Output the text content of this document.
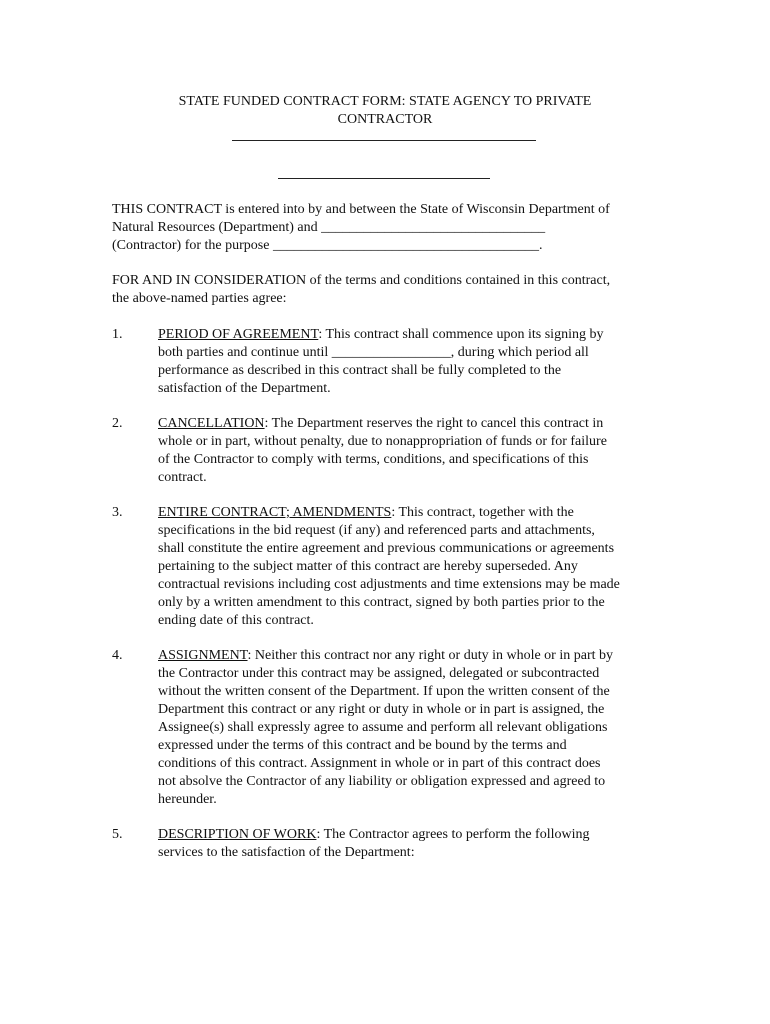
STATE FUNDED CONTRACT FORM: STATE AGENCY TO PRIVATE
CONTRACTOR

THIS CONTRACT is entered into by and between the State of Wisconsin Department of
Natural Resources (Department) and ________________________________
(Contractor) for the purpose ______________________________________.

FOR AND IN CONSIDERATION of the terms and conditions contained in this contract,
the above-named parties agree:

1.	PERIOD OF AGREEMENT: This contract shall commence upon its signing by
both parties and continue until _________________, during which period all
performance as described in this contract shall be fully completed to the
satisfaction of the Department.
2.	CANCELLATION: The Department reserves the right to cancel this contract in
whole or in part, without penalty, due to nonappropriation of funds or for failure
of the Contractor to comply with terms, conditions, and specifications of this
contract.
3.	ENTIRE CONTRACT; AMENDMENTS: This contract, together with the
specifications in the bid request (if any) and referenced parts and attachments,
shall constitute the entire agreement and previous communications or agreements
pertaining to the subject matter of this contract are hereby superseded. Any
contractual revisions including cost adjustments and time extensions may be made
only by a written amendment to this contract, signed by both parties prior to the
ending date of this contract.
4.	ASSIGNMENT: Neither this contract nor any right or duty in whole or in part by
the Contractor under this contract may be assigned, delegated or subcontracted
without the written consent of the Department. If upon the written consent of the
Department this contract or any right or duty in whole or in part is assigned, the
Assignee(s) shall expressly agree to assume and perform all relevant obligations
expressed under the terms of this contract and be bound by the terms and
conditions of this contract. Assignment in whole or in part of this contract does
not absolve the Contractor of any liability or obligation expressed and agreed to
hereunder.
5.	DESCRIPTION OF WORK: The Contractor agrees to perform the following
services to the satisfaction of the Department:
